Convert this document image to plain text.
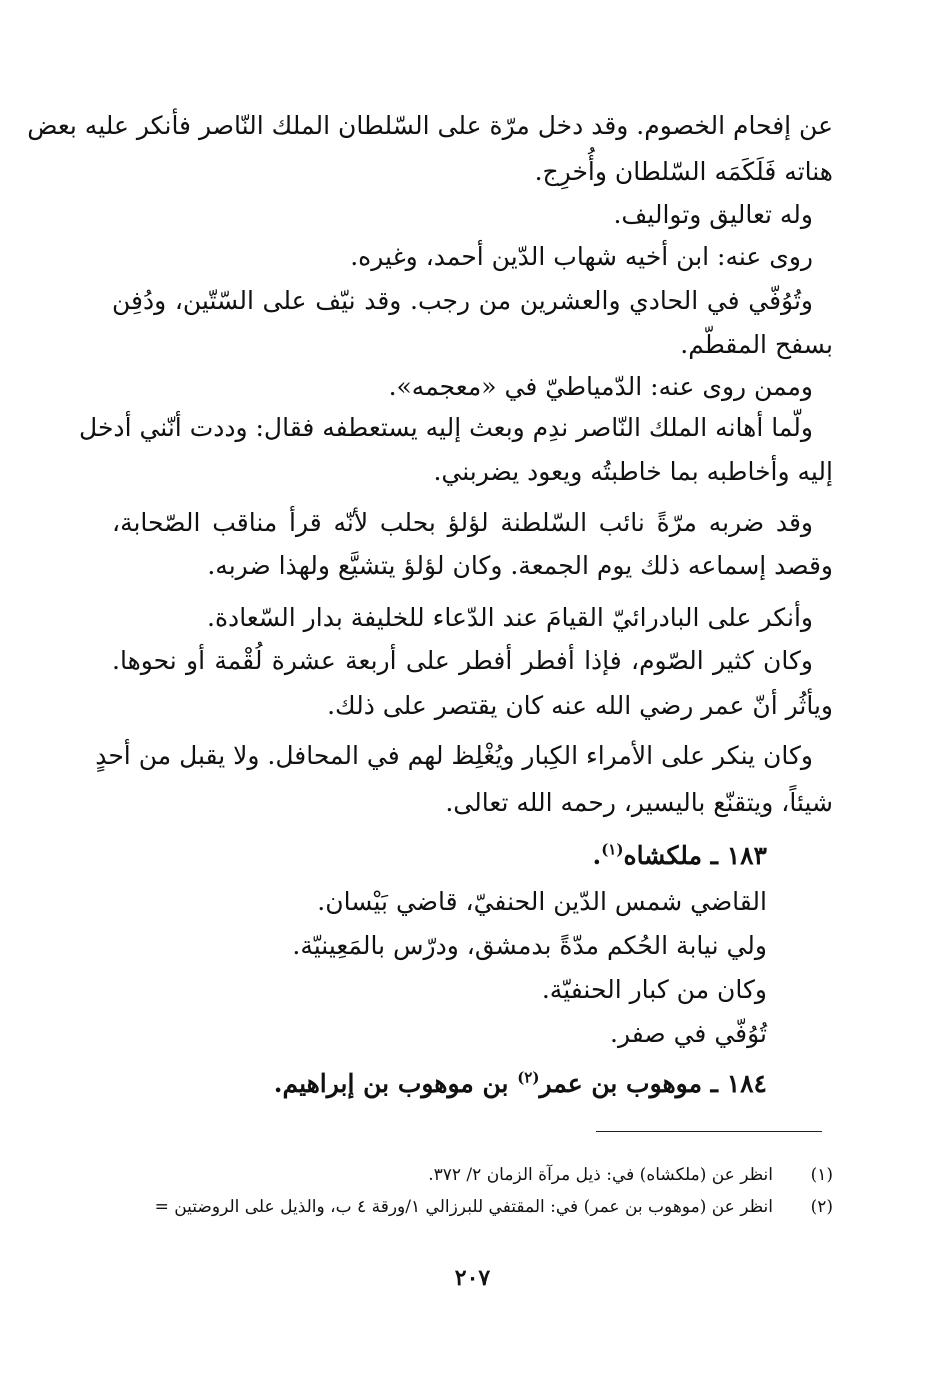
عن إفحام الخصوم. وقد دخل مرّة على السّلطان الملك النّاصر فأنكر عليه بعض
هناته فَلَكَمَه السّلطان وأُخرِج.
وله تعاليق وتواليف.
روى عنه: ابن أخيه شهاب الدّين أحمد، وغيره.
وتُوُفّي في الحادي والعشرين من رجب. وقد نيّف على السّتّين، ودُفِن
بسفح المقطّم.
وممن روى عنه: الدّمياطيّ في «معجمه».
ولّما أهانه الملك النّاصر ندِم وبعث إليه يستعطفه فقال: وددت أنّني أدخل
إليه وأخاطبه بما خاطبتُه ويعود يضربني.
وقد ضربه مرّةً نائب السّلطنة لؤلؤ بحلب لأنّه قرأ مناقب الصّحابة،
وقصد إسماعه ذلك يوم الجمعة. وكان لؤلؤ يتشيَّع ولهذا ضربه.
وأنكر على البادرائيّ القيامَ عند الدّعاء للخليفة بدار السّعادة.
وكان كثير الصّوم، فإذا أفطر أفطر على أربعة عشرة لُقْمة أو نحوها.
ويأثُر أنّ عمر رضي الله عنه كان يقتصر على ذلك.
وكان ينكر على الأمراء الكِبار ويُغْلِظ لهم في المحافل. ولا يقبل من أحدٍ
شيئاً، ويتقنّع باليسير، رحمه الله تعالى.
١٨٣ ـ ملكشاه$^{(١)}$.
القاضي شمس الدّين الحنفيّ، قاضي بَيْسان.
ولي نيابة الحُكم مدّةً بدمشق، ودرّس بالمَعِينيّة.
وكان من كبار الحنفيّة.
تُوُفّي في صفر.
١٨٤ ـ موهوب بن عمر$^{(٢)}$ بن موهوب بن إبراهيم.
(١)انظر عن (ملكشاه) في: ذيل مرآة الزمان ٢/ ٣٧٢.
(٢)انظر عن (موهوب بن عمر) في: المقتفي للبرزالي ١/ورقة ٤ ب، والذيل على الروضتين =
٢٠٧
